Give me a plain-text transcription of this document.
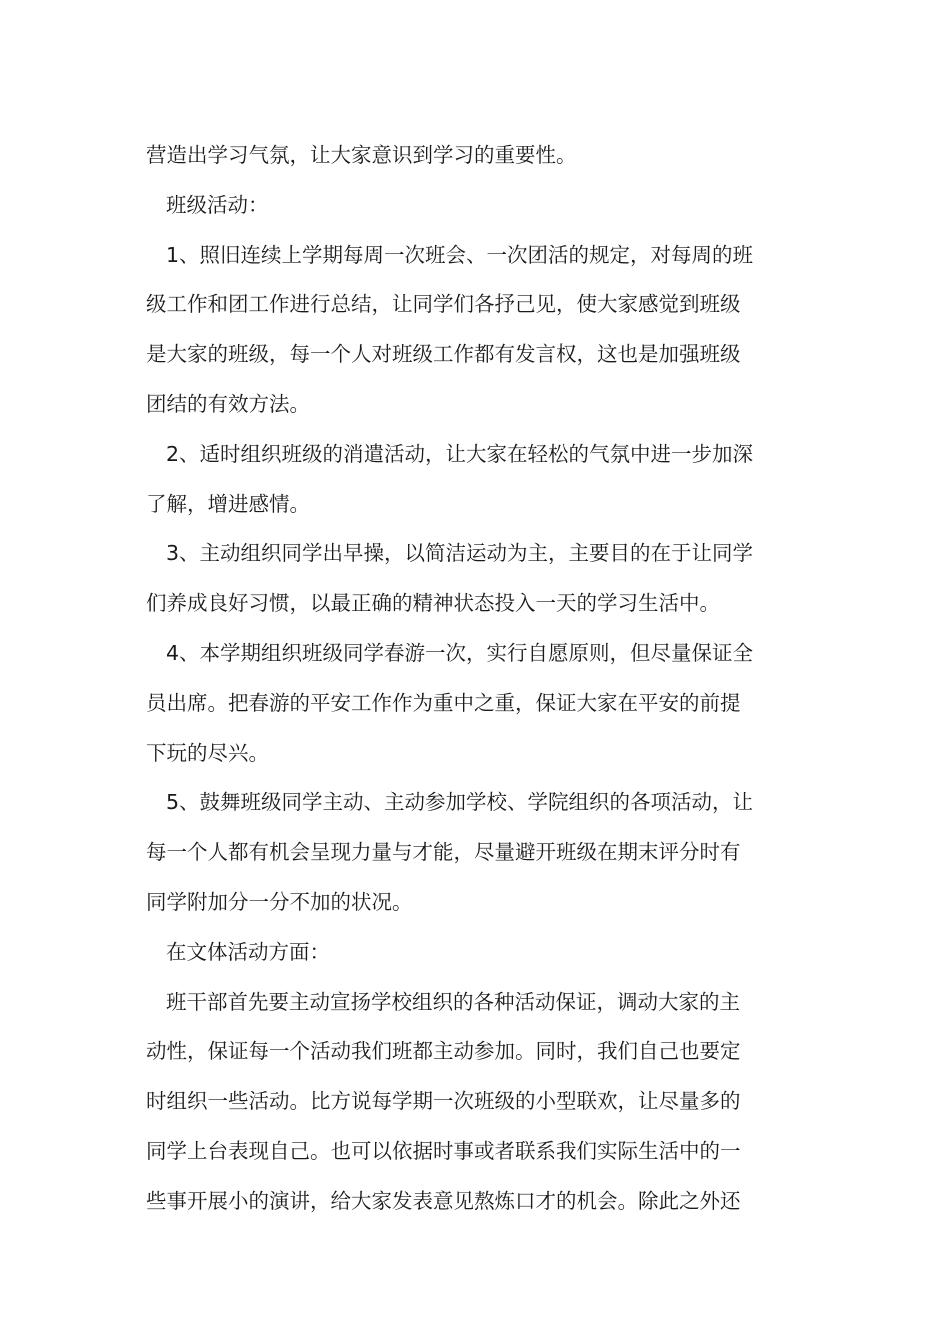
营造出学习气氛，让大家意识到学习的重要性。
班级活动：
1、照旧连续上学期每周一次班会、一次团活的规定，对每周的班
级工作和团工作进行总结，让同学们各抒己见，使大家感觉到班级
是大家的班级，每一个人对班级工作都有发言权，这也是加强班级
团结的有效方法。
2、适时组织班级的消遣活动，让大家在轻松的气氛中进一步加深
了解，增进感情。
3、主动组织同学出早操，以简洁运动为主，主要目的在于让同学
们养成良好习惯，以最正确的精神状态投入一天的学习生活中。
4、本学期组织班级同学春游一次，实行自愿原则，但尽量保证全
员出席。把春游的平安工作作为重中之重，保证大家在平安的前提
下玩的尽兴。
5、鼓舞班级同学主动、主动参加学校、学院组织的各项活动，让
每一个人都有机会呈现力量与才能，尽量避开班级在期末评分时有
同学附加分一分不加的状况。
在文体活动方面：
班干部首先要主动宣扬学校组织的各种活动保证，调动大家的主
动性，保证每一个活动我们班都主动参加。同时，我们自己也要定
时组织一些活动。比方说每学期一次班级的小型联欢，让尽量多的
同学上台表现自己。也可以依据时事或者联系我们实际生活中的一
些事开展小的演讲，给大家发表意见熬炼口才的机会。除此之外还
